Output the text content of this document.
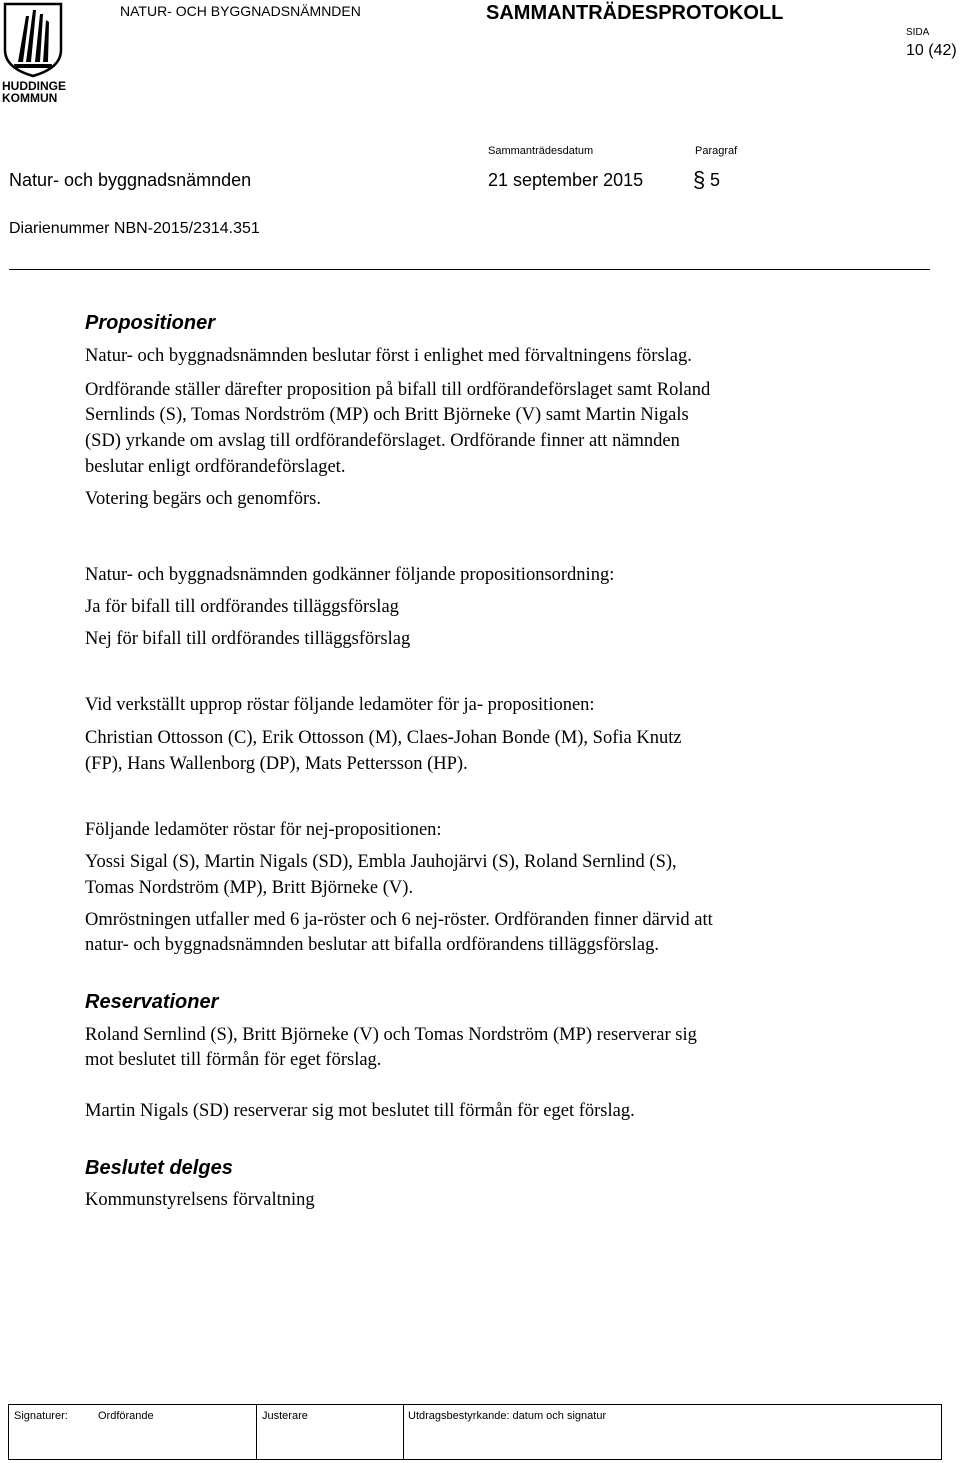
HUDDINGE
KOMMUN
NATUR- OCH BYGGNADSNÄMNDEN	SAMMANTRÄDESPROTOKOLL
SIDA
10 (42)
Sammanträdesdatum	Paragraf
Natur- och byggnadsnämnden	21 september 2015 § 5
Diarienummer NBN-2015/2314.351
Propositioner
Natur- och byggnadsnämnden beslutar först i enlighet med förvaltningens förslag.
Ordförande ställer därefter proposition på bifall till ordförandeförslaget samt Roland
Sernlinds (S), Tomas Nordström (MP) och Britt Björneke (V) samt Martin Nigals
(SD) yrkande om avslag till ordförandeförslaget. Ordförande finner att nämnden
beslutar enligt ordförandeförslaget.
Votering begärs och genomförs.
Natur- och byggnadsnämnden godkänner följande propositionsordning:
Ja för bifall till ordförandes tilläggsförslag
Nej för bifall till ordförandes tilläggsförslag
Vid verkställt upprop röstar följande ledamöter för ja- propositionen:
Christian Ottosson (C), Erik Ottosson (M), Claes-Johan Bonde (M), Sofia Knutz
(FP), Hans Wallenborg (DP), Mats Pettersson (HP).
Följande ledamöter röstar för nej-propositionen:
Yossi Sigal (S), Martin Nigals (SD), Embla Jauhojärvi (S), Roland Sernlind (S),
Tomas Nordström (MP), Britt Björneke (V).
Omröstningen utfaller med 6 ja-röster och 6 nej-röster. Ordföranden finner därvid att
natur- och byggnadsnämnden beslutar att bifalla ordförandens tilläggsförslag.
Reservationer
Roland Sernlind (S), Britt Björneke (V) och Tomas Nordström (MP) reserverar sig
mot beslutet till förmån för eget förslag.
Martin Nigals (SD) reserverar sig mot beslutet till förmån för eget förslag.
Beslutet delges
Kommunstyrelsens förvaltning
Signaturer:	Ordförande	Justerare	Utdragsbestyrkande: datum och signatur
